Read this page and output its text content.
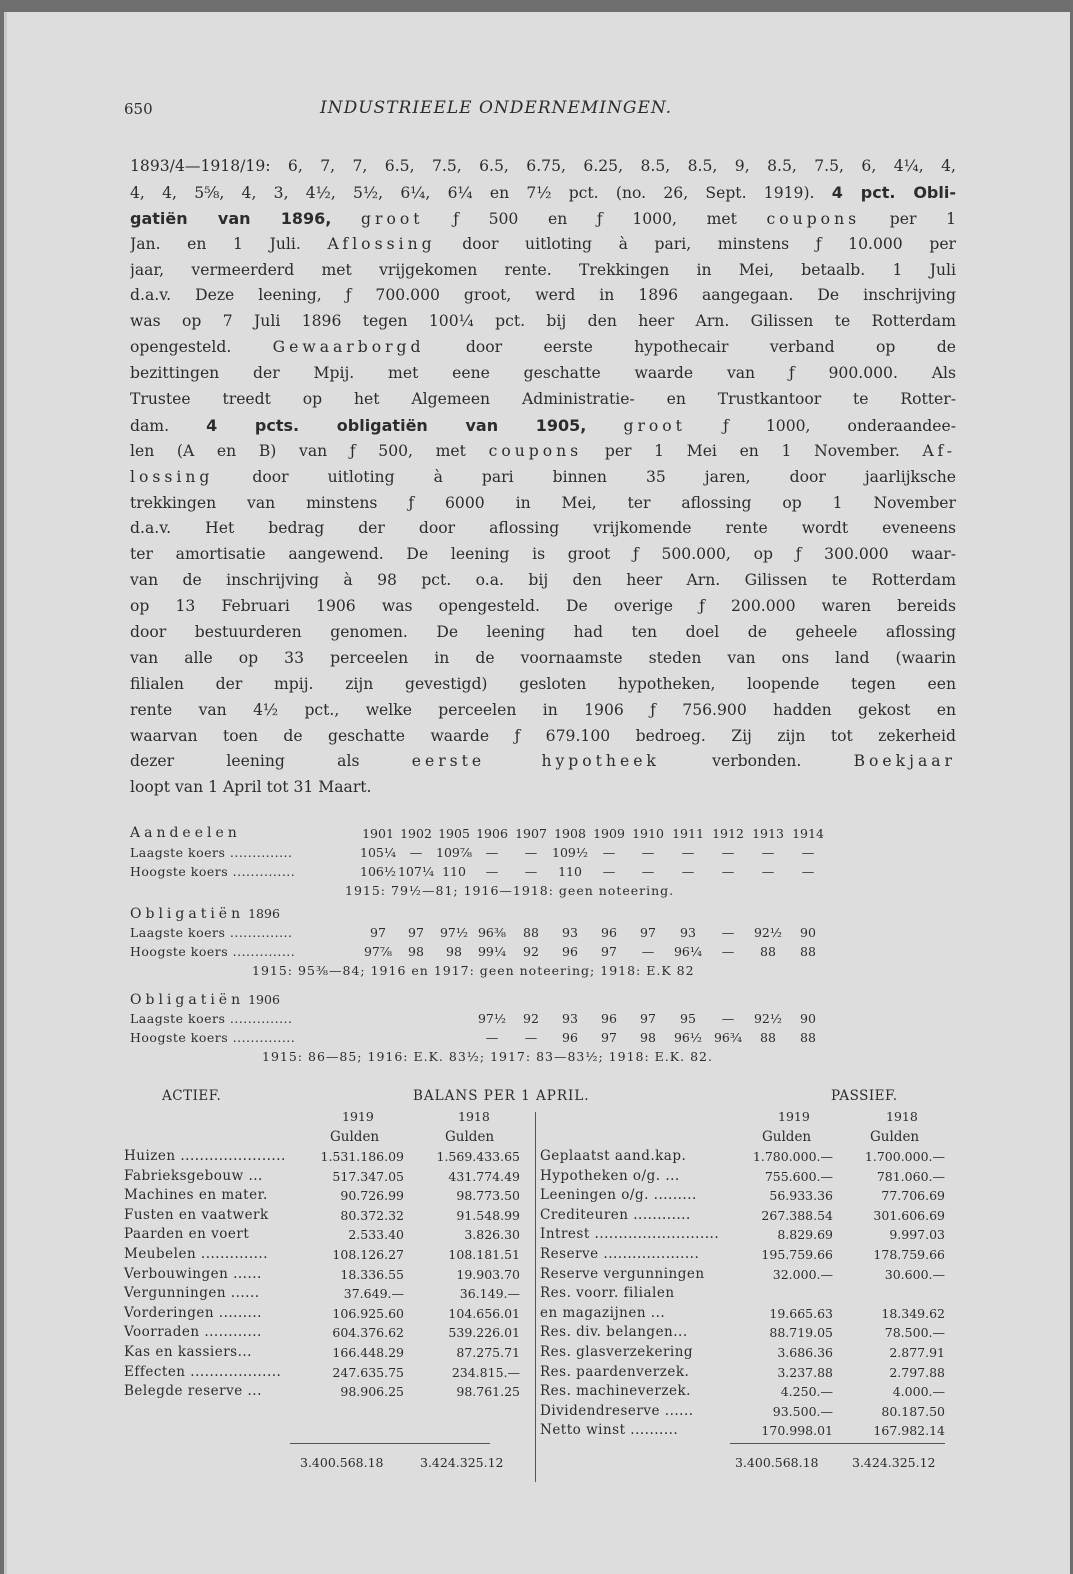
650	INDUSTRIEELE ONDERNEMINGEN.
1893/4—1918/19: 6, 7, 7, 6.5, 7.5, 6.5, 6.75, 6.25, 8.5, 8.5, 9, 8.5, 7.5, 6, 4¼, 4,
4, 4, 5⅝, 4, 3, 4½, 5½, 6¼, 6¼ en 7½ pct. (no. 26, Sept. 1919). 4 pct. Obli-
gatiën van 1896, groot ƒ 500 en ƒ 1000, met coupons per 1
Jan. en 1 Juli. Aflossing door uitloting à pari, minstens ƒ 10.000 per
jaar, vermeerderd met vrijgekomen rente. Trekkingen in Mei, betaalb. 1 Juli
d.a.v. Deze leening, ƒ 700.000 groot, werd in 1896 aangegaan. De inschrijving
was op 7 Juli 1896 tegen 100¼ pct. bij den heer Arn. Gilissen te Rotterdam
opengesteld. Gewaarborgd door eerste hypothecair verband op de
bezittingen der Mpij. met eene geschatte waarde van ƒ 900.000. Als
Trustee treedt op het Algemeen Administratie- en Trustkantoor te Rotter-
dam. 4 pcts. obligatiën van 1905, groot ƒ 1000, onderaandee-
len (A en B) van ƒ 500, met coupons per 1 Mei en 1 November. Af-
lossing door uitloting à pari binnen 35 jaren, door jaarlijksche
trekkingen van minstens ƒ 6000 in Mei, ter aflossing op 1 November
d.a.v. Het bedrag der door aflossing vrijkomende rente wordt eveneens
ter amortisatie aangewend. De leening is groot ƒ 500.000, op ƒ 300.000 waar-
van de inschrijving à 98 pct. o.a. bij den heer Arn. Gilissen te Rotterdam
op 13 Februari 1906 was opengesteld. De overige ƒ 200.000 waren bereids
door bestuurderen genomen. De leening had ten doel de geheele aflossing
van alle op 33 perceelen in de voornaamste steden van ons land (waarin
filialen der mpij. zijn gevestigd) gesloten hypotheken, loopende tegen een
rente van 4½ pct., welke perceelen in 1906 ƒ 756.900 hadden gekost en
waarvan toen de geschatte waarde ƒ 679.100 bedroeg. Zij zijn tot zekerheid
dezer leening als eerste hypotheek verbonden. Boekjaar
loopt van 1 April tot 31 Maart.
Aandeelen	1901 1902 1905 1906 1907 1908 1909 1910 1911 1912 1913 1914
Laagste koers ..............	105¼	—	109⅞	—	—	109½	—	—	—	—	—	—
Hoogste koers ..............	106½ 107¼ 110	—	—	110	—	—	—	—	—	—
1915: 79½—81; 1916—1918: geen noteering.
Obligatiën 1896
Laagste koers ..............	97	97	97½ 96⅜	88	93	96	97	93	—	92½	90
Hoogste koers ..............	97⅞	98	98	99¼	92	96	97	—	96¼	—	88	88
1915: 95⅜—84; 1916 en 1917: geen noteering; 1918: E.K 82
Obligatiën 1906
Laagste koers ..............	97½	92	93	96	97	95	—	92½	90
Hoogste koers ..............	—	—	96	97	98	96½ 96¾	88	88
1915: 86—85; 1916: E.K. 83½; 1917: 83—83½; 1918: E.K. 82.
ACTIEF.	BALANS PER 1 APRIL.	PASSIEF.
1919	1918
Gulden	Gulden
1919	1918
Gulden	Gulden
Huizen ......................	1.531.186.09	1.569.433.65
Fabrieksgebouw ...	517.347.05	431.774.49
Machines en mater.	90.726.99	98.773.50
Fusten en vaatwerk	80.372.32	91.548.99
Paarden en voert	2.533.40	3.826.30
Meubelen ..............	108.126.27	108.181.51
Verbouwingen ......	18.336.55	19.903.70
Vergunningen ......	37.649.—	36.149.—
Vorderingen .........	106.925.60	104.656.01
Voorraden ............	604.376.62	539.226.01
Kas en kassiers...	166.448.29	87.275.71
Effecten ...................	247.635.75	234.815.—
Belegde reserve ...	98.906.25	98.761.25
Geplaatst aand.kap.	1.780.000.—	1.700.000.—
Hypotheken o/g. ...	755.600.—	781.060.—
Leeningen o/g. .........	56.933.36	77.706.69
Crediteuren ............	267.388.54	301.606.69
Intrest ..........................	8.829.69	9.997.03
Reserve ....................	195.759.66	178.759.66
Reserve vergunningen	32.000.—	30.600.—
Res. voorr. filialen
en magazijnen ...	19.665.63	18.349.62
Res. div. belangen...	88.719.05	78.500.—
Res. glasverzekering	3.686.36	2.877.91
Res. paardenverzek.	3.237.88	2.797.88
Res. machineverzek.	4.250.—	4.000.—
Dividendreserve ......	93.500.—	80.187.50
Netto winst ..........	170.998.01	167.982.14
3.400.568.18	3.424.325.12	3.400.568.18	3.424.325.12
